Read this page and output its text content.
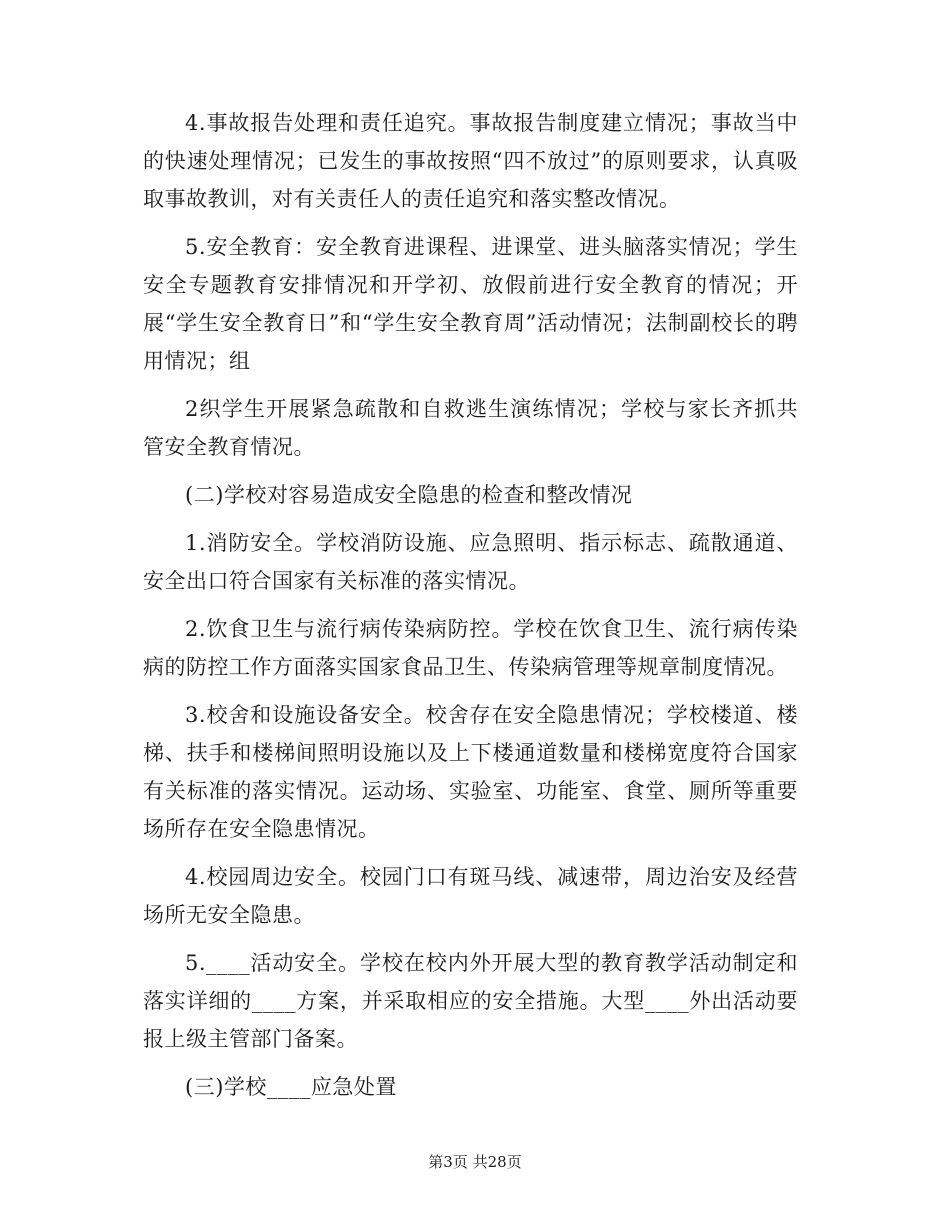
4.事故报告处理和责任追究。事故报告制度建立情况；事故当中的快速处理情况；已发生的事故按照“四不放过”的原则要求，认真吸取事故教训，对有关责任人的责任追究和落实整改情况。

5.安全教育：安全教育进课程、进课堂、进头脑落实情况；学生安全专题教育安排情况和开学初、放假前进行安全教育的情况；开展“学生安全教育日”和“学生安全教育周”活动情况；法制副校长的聘用情况；组

2织学生开展紧急疏散和自救逃生演练情况；学校与家长齐抓共管安全教育情况。

(二)学校对容易造成安全隐患的检查和整改情况

1.消防安全。学校消防设施、应急照明、指示标志、疏散通道、安全出口符合国家有关标准的落实情况。

2.饮食卫生与流行病传染病防控。学校在饮食卫生、流行病传染病的防控工作方面落实国家食品卫生、传染病管理等规章制度情况。

3.校舍和设施设备安全。校舍存在安全隐患情况；学校楼道、楼梯、扶手和楼梯间照明设施以及上下楼通道数量和楼梯宽度符合国家有关标准的落实情况。运动场、实验室、功能室、食堂、厕所等重要场所存在安全隐患情况。

4.校园周边安全。校园门口有斑马线、减速带，周边治安及经营场所无安全隐患。

5.____活动安全。学校在校内外开展大型的教育教学活动制定和落实详细的____方案，并采取相应的安全措施。大型____外出活动要报上级主管部门备案。

(三)学校____应急处置

第3页 共28页
